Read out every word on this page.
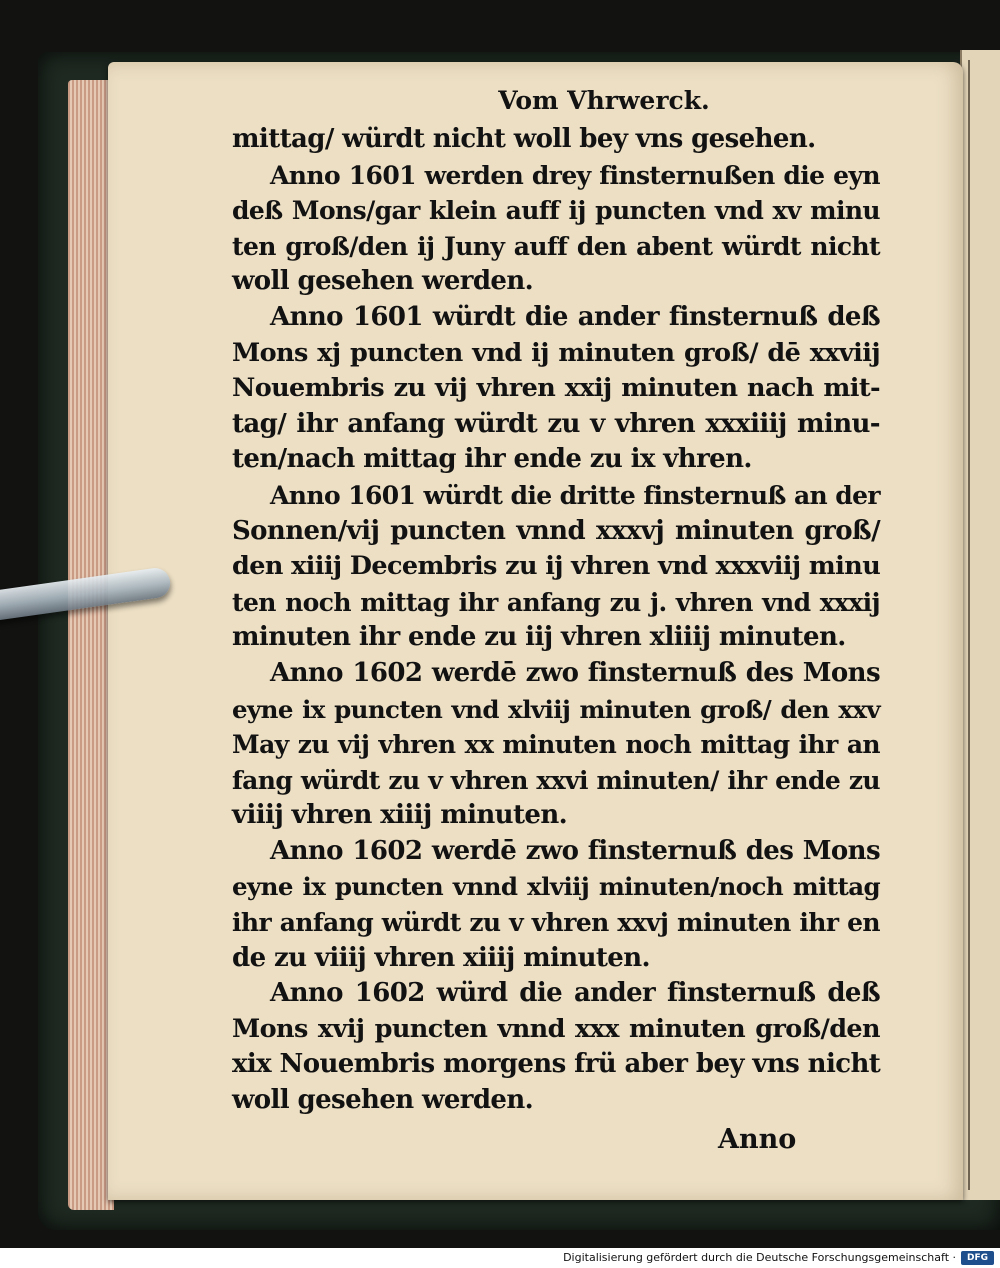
Vom Vhrwerck.
mittag/ würdt nicht woll bey vns gesehen.
Anno 1601 werden drey finsternußen die eyn
deß Mons/gar klein auff ij puncten vnd xv minu
ten groß/den ij Juny auff den abent würdt nicht
woll gesehen werden.
Anno 1601 würdt die ander finsternuß deß
Mons xj puncten vnd ij minuten groß/ dē xxviij
Nouembris zu vij vhren xxij minuten nach mit-
tag/ ihr anfang würdt zu v vhren xxxiiij minu-
ten/nach mittag ihr ende zu ix vhren.
Anno 1601 würdt die dritte finsternuß an der
Sonnen/vij puncten vnnd xxxvj minuten groß/
den xiiij Decembris zu ij vhren vnd xxxviij minu
ten noch mittag ihr anfang zu j. vhren vnd xxxij
minuten ihr ende zu iij vhren xliiij minuten.
Anno 1602 werdē zwo finsternuß des Mons
eyne ix puncten vnd xlviij minuten groß/ den xxv
May zu vij vhren xx minuten noch mittag ihr an
fang würdt zu v vhren xxvi minuten/ ihr ende zu
viiij vhren xiiij minuten.
Anno 1602 werdē zwo finsternuß des Mons
eyne ix puncten vnnd xlviij minuten/noch mittag
ihr anfang würdt zu v vhren xxvj minuten ihr en
de zu viiij vhren xiiij minuten.
Anno 1602 würd die ander finsternuß deß
Mons xvij puncten vnnd xxx minuten groß/den
xix Nouembris morgens frü aber bey vns nicht
woll gesehen werden.
Anno
Digitalisierung gefördert durch die Deutsche Forschungsgemeinschaft ·	DFG
